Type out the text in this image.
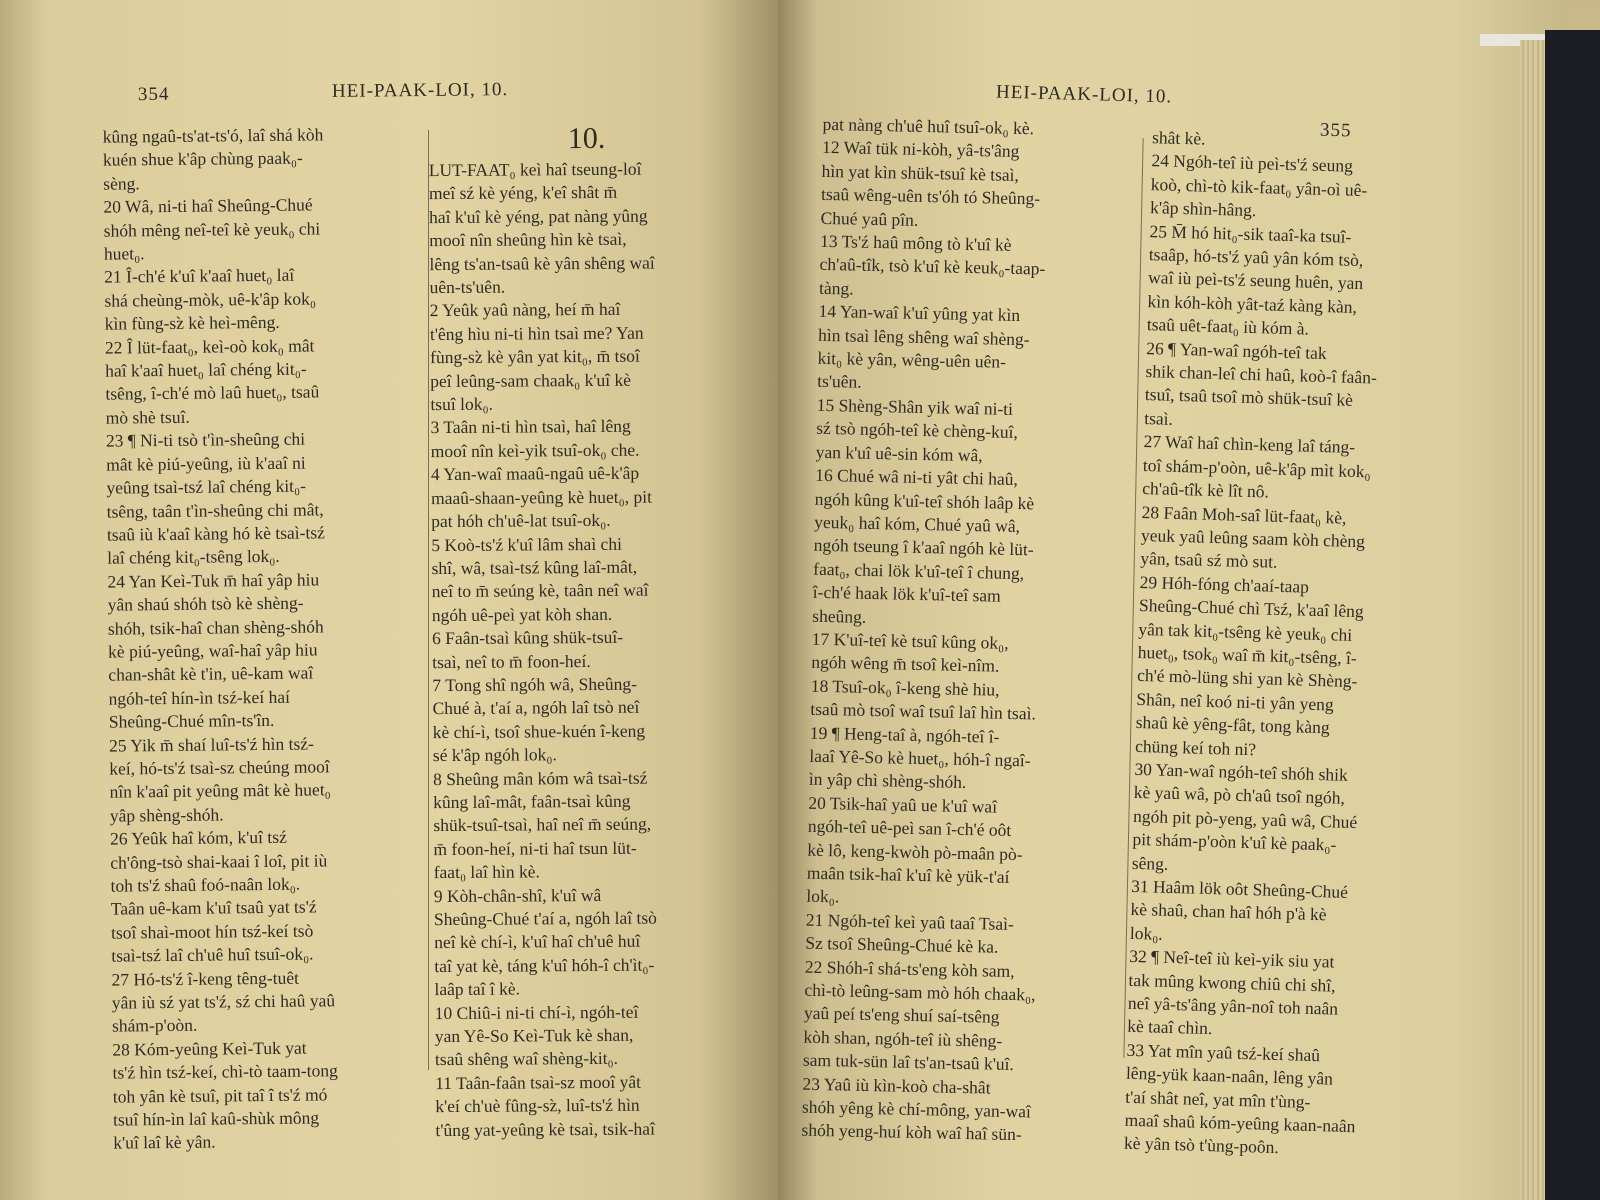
354	HEI-PAAK-LOI, 10.
kûng ngaû-ts'at-ts'ó, laî shá kòh
kuén shue k'âp chùng paak₀-
sèng.
20 Wâ, ni-ti haî Sheûng-Chué
shóh mêng neî-teî kè yeuk₀ chi
huet₀.
21 Î-ch'é k'uî k'aaî huet₀ laî
shá cheùng-mòk, uê-k'âp kok₀
kìn fùng-sz̀ kè heì-mêng.
22 Î lüt-faat₀, keì-oò kok₀ mât
haî k'aaî huet₀ laî chéng kit₀-
tsêng, î-ch'é mò laû huet₀, tsaû
mò shè tsuî.
23 ¶ Ni-ti tsò t'ìn-sheûng chi
mât kè piú-yeûng, iù k'aaî ni
yeûng tsaì-tsź laî chéng kit₀-
tsêng, taân t'ìn-sheûng chi mât,
tsaû iù k'aaî kàng hó kè tsaì-tsź
laî chéng kit₀-tsêng lok₀.
24 Yan Keì-Tuk m̄ haî yâp hiu
yân shaú shóh tsò kè shèng-
shóh, tsik-haî chan shèng-shóh
kè piú-yeûng, waî-haî yâp hiu
chan-shât kè t'in, uê-kam waî
ngóh-teî hín-ìn tsź-keí haí
Sheûng-Chué mîn-ts'în.
25 Yik m̄ shaí luî-ts'ź hìn tsź-
keí, hó-ts'ź tsaì-sz cheúng mooî
nîn k'aaî pit yeûng mât kè huet₀
yâp shèng-shóh.
26 Yeûk haî kóm, k'uî tsź
ch'ông-tsò shai-kaai î loî, pit iù
toh ts'ź shaû foó-naân lok₀.
Taân uê-kam k'uî tsaû yat ts'ź
tsoî shaì-moot hín tsź-keí tsò
tsaì-tsź laî ch'uê huî tsuî-ok₀.
27 Hó-ts'ź î-keng têng-tuêt
yân iù sź yat ts'ź, sź chi haû yaû
shám-p'oòn.
28 Kóm-yeûng Keì-Tuk yat
ts'ź hìn tsź-keí, chì-tò taam-tong
toh yân kè tsuî, pit taî î ts'ź mó
tsuî hín-ìn laî kaû-shùk mông
k'uî laî kè yân.
10.
LUT-FAAT₀ keì haî tseung-loî
meî sź kè yéng, k'eî shât m̄
haî k'uî kè yéng, pat nàng yûng
mooî nîn sheûng hìn kè tsaì,
lêng ts'an-tsaû kè yân shêng waî
uên-ts'uên.
2 Yeûk yaû nàng, heí m̄ haî
t'êng hìu ni-ti hìn tsaì me? Yan
fùng-sz̀ kè yân yat kit₀, m̄ tsoî
peî leûng-sam chaak₀ k'uî kè
tsuî lok₀.
3 Taân ni-ti hìn tsaì, haî lêng
mooî nîn keì-yik tsuî-ok₀ che.
4 Yan-waî maaû-ngaû uê-k'âp
maaû-shaan-yeûng kè huet₀, pit
pat hóh ch'uê-lat tsuî-ok₀.
5 Koò-ts'ź k'uî lâm shaì chi
shî, wâ, tsaì-tsź kûng laî-mât,
neî to m̄ seúng kè, taân neî waî
ngóh uê-peì yat kòh shan.
6 Faân-tsaì kûng shük-tsuî-
tsaì, neî to m̄ foon-heí.
7 Tong shî ngóh wâ, Sheûng-
Chué à, t'aí a, ngóh laî tsò neî
kè chí-ì, tsoî shue-kuén î-keng
sé k'âp ngóh lok₀.
8 Sheûng mân kóm wâ tsaì-tsź
kûng laî-mât, faân-tsaì kûng
shük-tsuî-tsaì, haî neî m̄ seúng,
m̄ foon-heí, ni-ti haî tsun lüt-
faat₀ laî hìn kè.
9 Kòh-chân-shî, k'uî wâ
Sheûng-Chué t'aí a, ngóh laî tsò
neî kè chí-ì, k'uî haî ch'uê huî
taî yat kè, táng k'uî hóh-î ch'ìt₀-
laâp taî î kè.
10 Chiû-i ni-ti chí-ì, ngóh-teî
yan Yê-So Keì-Tuk kè shan,
tsaû shêng waî shèng-kit₀.
11 Taân-faân tsaì-sz mooî yât
k'eí ch'uè fûng-sz̀, luî-ts'ź hìn
t'ûng yat-yeûng kè tsaì, tsik-haî
HEI-PAAK-LOI, 10.
355
pat nàng ch'uê huî tsuî-ok₀ kè.
12 Waî tük ni-kòh, yâ-ts'âng
hìn yat kìn shük-tsuî kè tsaì,
tsaû wêng-uên ts'óh tó Sheûng-
Chué yaû pîn.
13 Ts'ź haû mông tò k'uî kè
ch'aû-tîk, tsò k'uî kè keuk₀-taap-
tàng.
14 Yan-waî k'uî yûng yat kìn
hìn tsaì lêng shêng waî shèng-
kit₀ kè yân, wêng-uên uên-
ts'uên.
15 Shèng-Shân yik waî ni-ti
sź tsò ngóh-teî kè chèng-kuî,
yan k'uî uê-sin kóm wâ,
16 Chué wâ ni-ti yât chi haû,
ngóh kûng k'uî-teî shóh laâp kè
yeuk₀ haî kóm, Chué yaû wâ,
ngóh tseung î k'aaî ngóh kè lüt-
faat₀, chai lök k'uî-teî î chung,
î-ch'é haak lök k'uî-teî sam
sheûng.
17 K'uî-teî kè tsuî kûng ok₀,
ngóh wêng m̄ tsoî keì-nîm.
18 Tsuî-ok₀ î-keng shè hiu,
tsaû mò tsoî waî tsuî laî hìn tsaì.
19 ¶ Heng-taî à, ngóh-teî î-
laaî Yê-So kè huet₀, hóh-î ngaî-
ìn yâp chì shèng-shóh.
20 Tsik-haî yaû ue k'uî waî
ngóh-teî uê-peì san î-ch'é oôt
kè lô, keng-kwòh pò-maân pò-
maân tsik-haî k'uî kè yük-t'aí
lok₀.
21 Ngóh-teî keì yaû taaî Tsaì-
Sz tsoî Sheûng-Chué kè ka.
22 Shóh-î shá-ts'eng kòh sam,
chì-tò leûng-sam mò hóh chaak₀,
yaû peí ts'eng shuí saí-tsêng
kòh shan, ngóh-teî iù shêng-
sam tuk-sün laî ts'an-tsaû k'uî.
23 Yaû iù kìn-koò cha-shât
shóh yêng kè chí-mông, yan-waî
shóh yeng-huí kòh waî haî sün-
shât kè.
24 Ngóh-teî iù peì-ts'ź seung
koò, chì-tò kik-faat₀ yân-oì uê-
k'âp shìn-hâng.
25 M̄ hó hit₀-sik taaî-ka tsuî-
tsaâp, hó-ts'ź yaû yân kóm tsò,
waî iù peì-ts'ź seung huên, yan
kìn kóh-kòh yât-taź kàng kàn,
tsaû uêt-faat₀ iù kóm à.
26 ¶ Yan-waî ngóh-teî tak
shik chan-leî chi haû, koò-î faân-
tsuî, tsaû tsoî mò shük-tsuî kè
tsaì.
27 Waî haî chìn-keng laî táng-
toî shám-p'oòn, uê-k'âp mìt kok₀
ch'aû-tîk kè lît nô.
28 Faân Moh-saî lüt-faat₀ kè,
yeuk yaû leûng saam kòh chèng
yân, tsaû sź mò sut.
29 Hóh-fóng ch'aaí-taap
Sheûng-Chué chì Tsź, k'aaî lêng
yân tak kit₀-tsêng kè yeuk₀ chi
huet₀, tsok₀ waî m̄ kit₀-tsêng, î-
ch'é mò-lüng shi yan kè Shèng-
Shân, neî koó ni-ti yân yeng
shaû kè yêng-fât, tong kàng
chüng keí toh ni?
30 Yan-waî ngóh-teî shóh shik
kè yaû wâ, pò ch'aû tsoî ngóh,
ngóh pit pò-yeng, yaû wâ, Chué
pit shám-p'oòn k'uî kè paak₀-
sêng.
31 Haâm lök oôt Sheûng-Chué
kè shaû, chan haî hóh p'à kè
lok₀.
32 ¶ Neî-teî iù keì-yik siu yat
tak mûng kwong chiû chi shî,
neî yâ-ts'âng yân-noî toh naân
kè taaî chìn.
33 Yat mîn yaû tsź-keí shaû
lêng-yük kaan-naân, lêng yân
t'aí shât neî, yat mîn t'ùng-
maaî shaû kóm-yeûng kaan-naân
kè yân tsò t'ùng-poôn.
